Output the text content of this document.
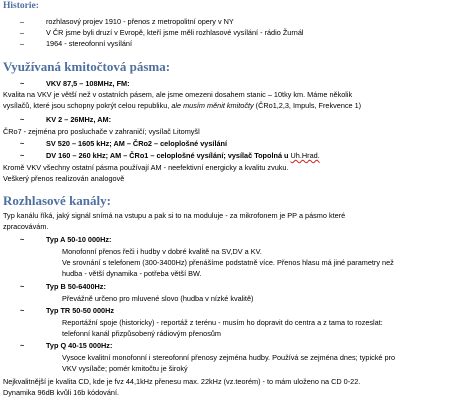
Historie:
–	rozhlasový projev 1910 - přenos z metropolitní opery v NY
–	V ČR jsme byli druzí v Evropě, kteří jsme měli rozhlasové vysílání - rádio Žurnál
–	1964 - stereofonní vysílání
Využívaná kmitočtová pásma:
~	VKV 87,5 – 108MHz, FM:
Kvalita na VKV je větší než v ostatních pásem, ale jsme omezeni dosahem stanic – 10tky km. Máme několik
vysílačů, které jsou schopny pokrýt celou republiku, ale musím měnit kmitočty (ČRo1,2,3, Impuls, Frekvence 1)
~	KV 2 – 26MHz, AM:
ČRo7 - zejména pro posluchače v zahraničí; vysílač Litomyšl
~	SV 520 – 1605 kHz; AM – ČRo2 – celoplošné vysílání
~	DV 160 – 260 kHz; AM – ČRo1 – celoplošné vysílání; vysílač Topolná u Uh.Hrad.
Kromě VKV všechny ostatní pásma používají AM - neefektivní energicky a kvalitu zvuku.
Veškerý přenos realizován analogově
Rozhlasové kanály:
Typ kanálu říká, jaký signál snímá na vstupu a pak si to na moduluje - za mikrofonem je PP a pásmo které
zpracovávám.
~	Typ A 50-10 000Hz:
Monofonní přenos řeči i hudby v dobré kvalitě na SV,DV a KV.
Ve srovnání s telefonem (300-3400Hz) přenášíme podstatně více. Přenos hlasu má jiné parametry než
hudba - větší dynamika - potřeba větší BW.
~	Typ B 50-6400Hz:
Převážně určeno pro mluvené slovo (hudba v nízké kvalitě)
~	Typ TR 50-50 000Hz
Reportážní spoje (historicky) - reportáž z terénu - musím ho dopravit do centra a z tama to rozeslat:
telefonní kanál přizpůsobený rádiovým přenosům
~	Typ Q 40-15 000Hz:
Vysoce kvalitní monofonní i stereofonní přenosy zejména hudby. Používá se zejména dnes; typické pro
VKV vysílače; pomér kmitočtu je široký
Nejkvalitnější je kvalita CD, kde je fvz 44,1kHz přenesu max. 22kHz (vz.teorém) - to mám uloženo na CD 0-22.
Dynamika 96dB kvůli 16b kódování.
